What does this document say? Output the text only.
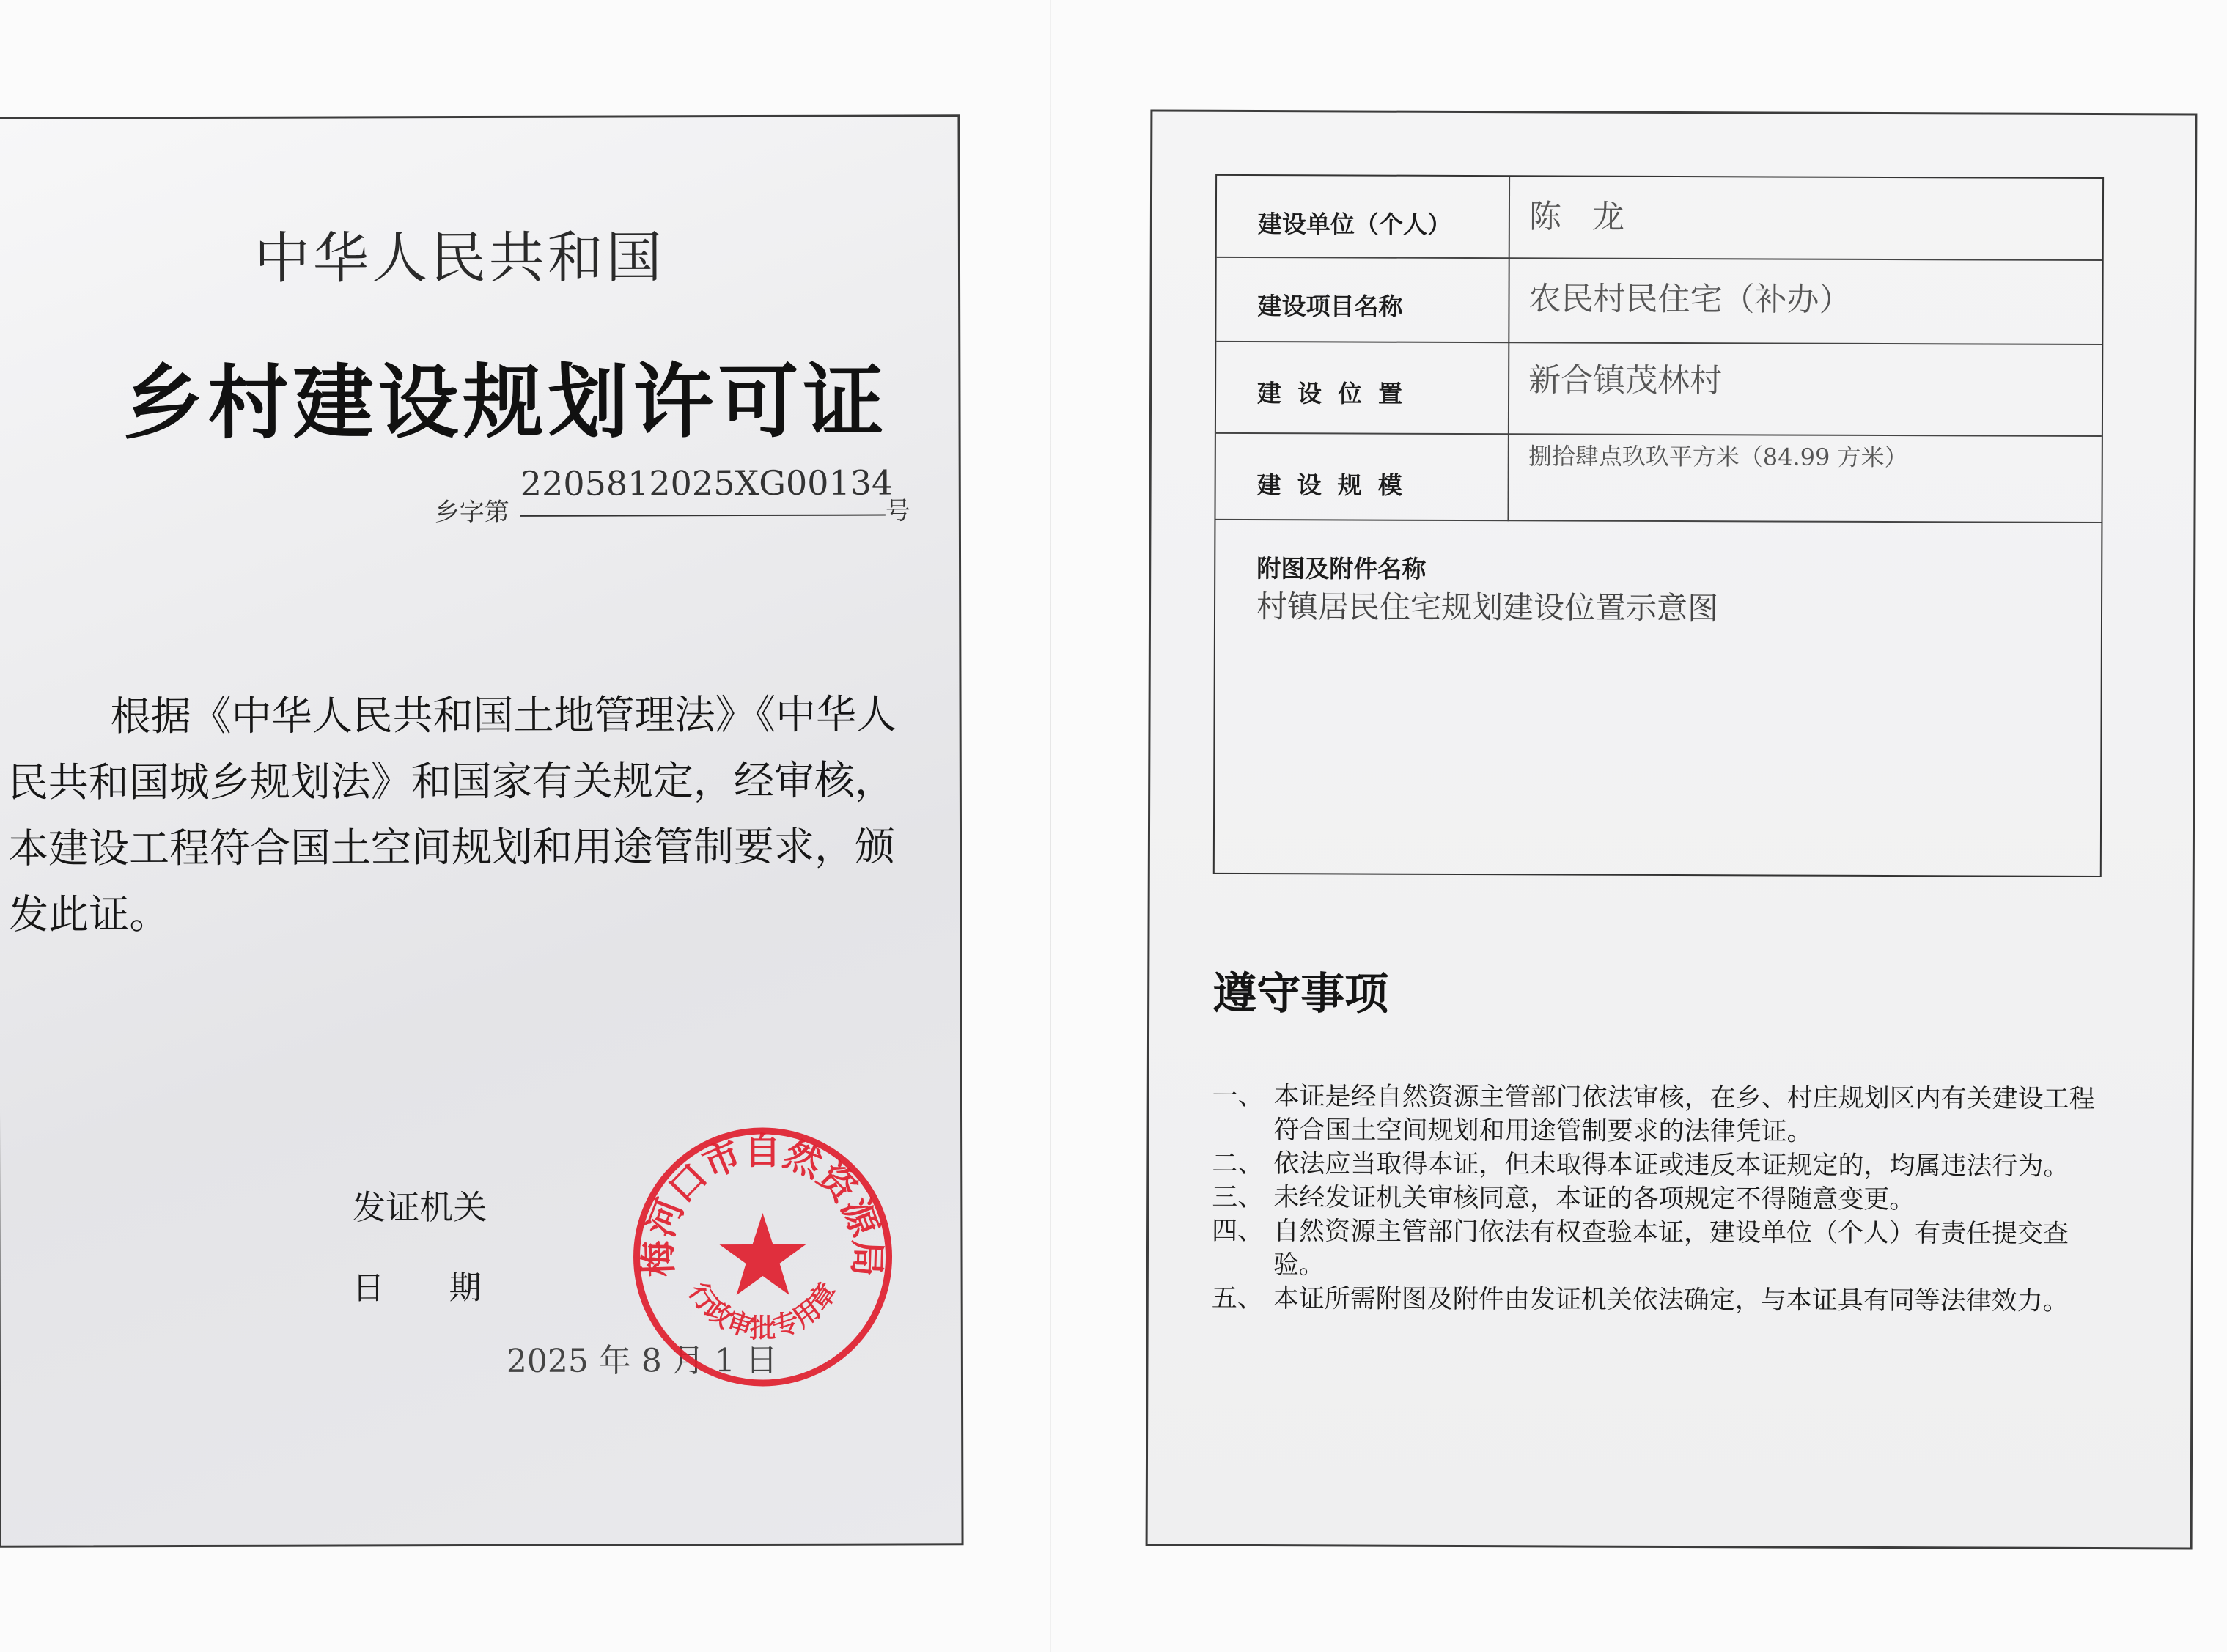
中华人民共和国
乡村建设规划许可证
乡字第
2205812025XG00134
号
根据《中华人民共和国土地管理法》《中华人民共和国城乡规划法》和国家有关规定，经审核，本建设工程符合国土空间规划和用途管制要求，颁发此证。
发证机关
日　　期
2025 年 8 月 1 日
梅河口市自然资源局
行政审批专用章
建设单位（个人） 陈 龙
建设项目名称	农民村民住宅（补办）
建设位置	新合镇茂林村
建设规模
捌拾肆点玖玖平方米（84.99 方米）
附图及附件名称
村镇居民住宅规划建设位置示意图
遵守事项
一、 本证是经自然资源主管部门依法审核，在乡、村庄规划区内有关建设工程符合国土空间规划和用途管制要求的法律凭证。
二、 依法应当取得本证，但未取得本证或违反本证规定的，均属违法行为。
三、 未经发证机关审核同意，本证的各项规定不得随意变更。
四、 自然资源主管部门依法有权查验本证，建设单位（个人）有责任提交查验。
五、 本证所需附图及附件由发证机关依法确定，与本证具有同等法律效力。
